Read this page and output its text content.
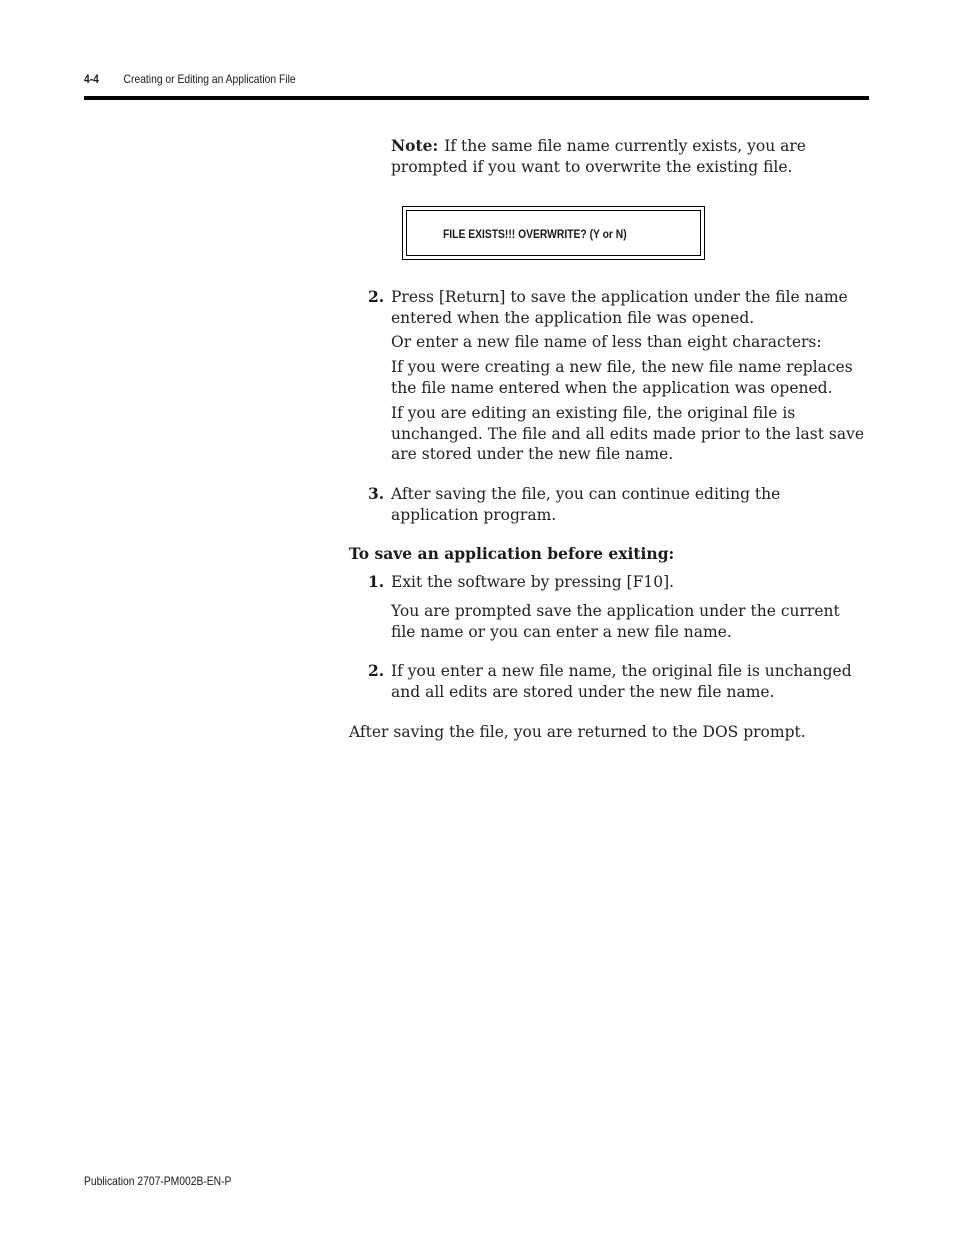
4-4 Creating or Editing an Application File
Note: If the same file name currently exists, you are prompted if you want to overwrite the existing file.
FILE EXISTS!!! OVERWRITE? (Y or N)
2. Press [Return] to save the application under the file name entered when the application file was opened.
Or enter a new file name of less than eight characters:
If you were creating a new file, the new file name replaces the file name entered when the application was opened.
If you are editing an existing file, the original file is unchanged. The file and all edits made prior to the last save are stored under the new file name.
3. After saving the file, you can continue editing the application program.
To save an application before exiting:
1. Exit the software by pressing [F10].
You are prompted save the application under the current file name or you can enter a new file name.
2. If you enter a new file name, the original file is unchanged and all edits are stored under the new file name.
After saving the file, you are returned to the DOS prompt.
Publication 2707-PM002B-EN-P
